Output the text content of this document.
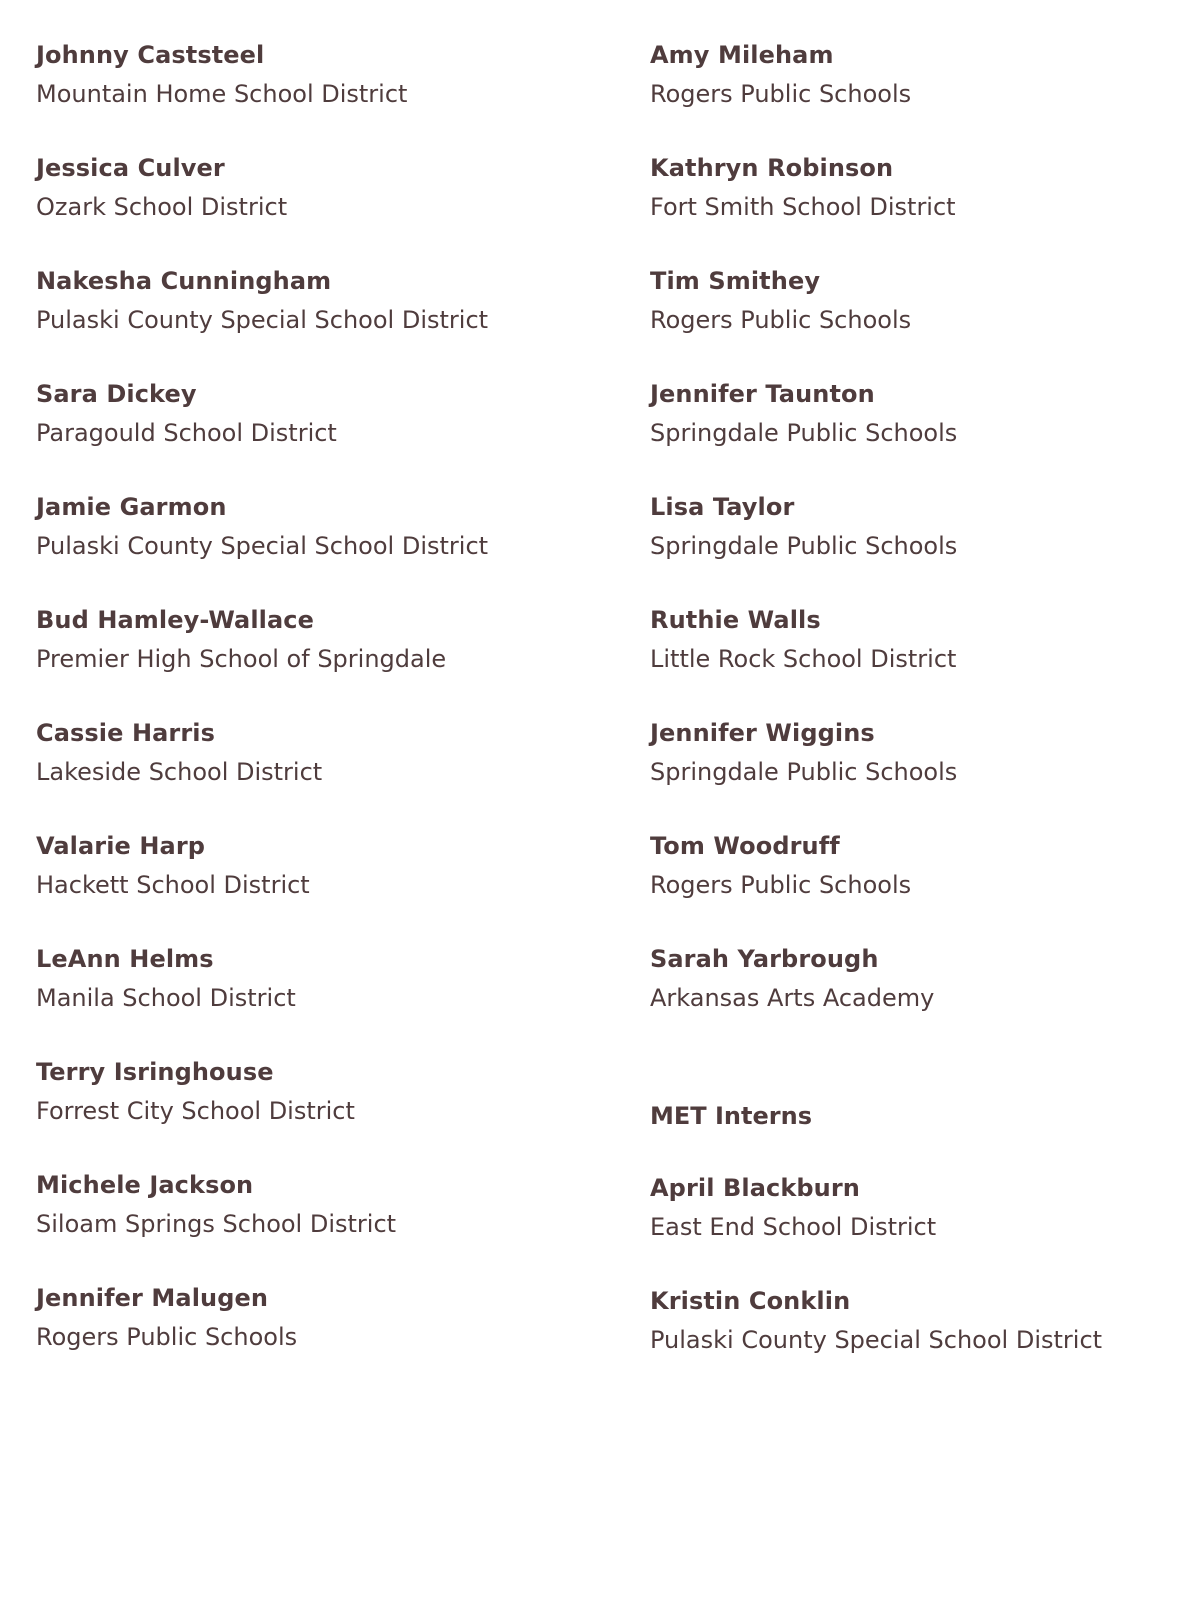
Johnny Caststeel
Mountain Home School District
Jessica Culver
Ozark School District
Nakesha Cunningham
Pulaski County Special School District
Sara Dickey
Paragould School District
Jamie Garmon
Pulaski County Special School District
Bud Hamley-Wallace
Premier High School of Springdale
Cassie Harris
Lakeside School District
Valarie Harp
Hackett School District
LeAnn Helms
Manila School District
Terry Isringhouse
Forrest City School District
Michele Jackson
Siloam Springs School District
Jennifer Malugen
Rogers Public Schools
Amy Mileham
Rogers Public Schools
Kathryn Robinson
Fort Smith School District
Tim Smithey
Rogers Public Schools
Jennifer Taunton
Springdale Public Schools
Lisa Taylor
Springdale Public Schools
Ruthie Walls
Little Rock School District
Jennifer Wiggins
Springdale Public Schools
Tom Woodruff
Rogers Public Schools
Sarah Yarbrough
Arkansas Arts Academy
MET Interns
April Blackburn
East End School District
Kristin Conklin
Pulaski County Special School District
